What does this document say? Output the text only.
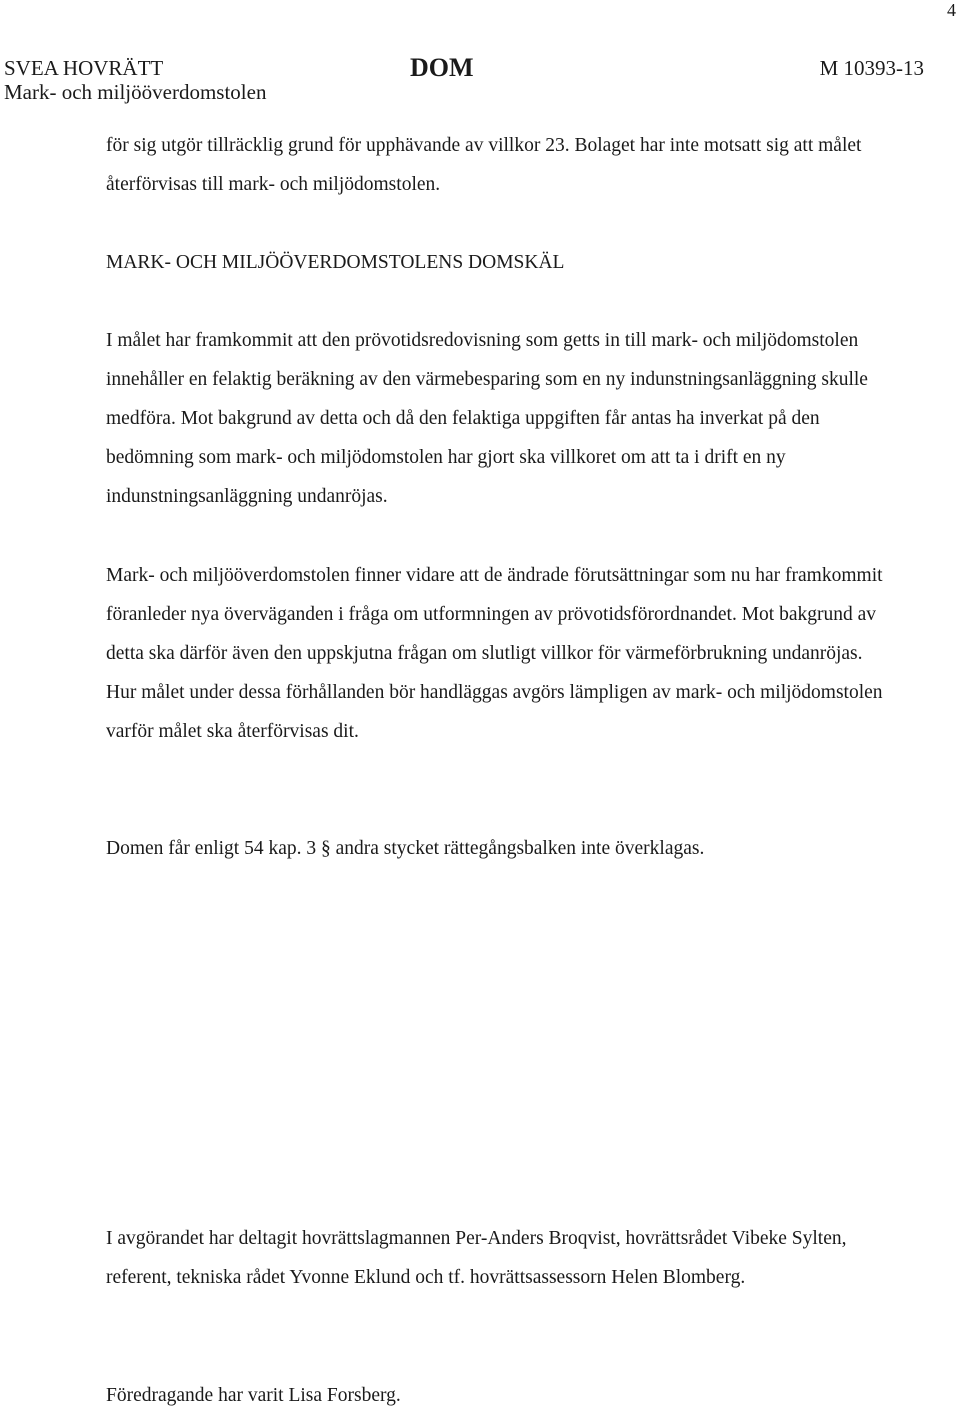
4
SVEA HOVRÄTT
Mark- och miljööverdomstolen
DOM	M 10393-13

för sig utgör tillräcklig grund för upphävande av villkor 23. Bolaget har inte motsatt sig att målet återförvisas till mark- och miljödomstolen.

MARK- OCH MILJÖÖVERDOMSTOLENS DOMSKÄL

I målet har framkommit att den prövotidsredovisning som getts in till mark- och miljödomstolen innehåller en felaktig beräkning av den värmebesparing som en ny indunstningsanläggning skulle medföra. Mot bakgrund av detta och då den felaktiga uppgiften får antas ha inverkat på den bedömning som mark- och miljödomstolen har gjort ska villkoret om att ta i drift en ny indunstningsanläggning undanröjas.

Mark- och miljööverdomstolen finner vidare att de ändrade förutsättningar som nu har framkommit föranleder nya överväganden i fråga om utformningen av prövotidsförordnandet. Mot bakgrund av detta ska därför även den uppskjutna frågan om slutligt villkor för värmeförbrukning undanröjas. Hur målet under dessa förhållanden bör handläggas avgörs lämpligen av mark- och miljödomstolen varför målet ska återförvisas dit.

Domen får enligt 54 kap. 3 § andra stycket rättegångsbalken inte överklagas.

I avgörandet har deltagit hovrättslagmannen Per-Anders Broqvist, hovrättsrådet Vibeke Sylten, referent, tekniska rådet Yvonne Eklund och tf. hovrättsassessorn Helen Blomberg.

Föredragande har varit Lisa Forsberg.
